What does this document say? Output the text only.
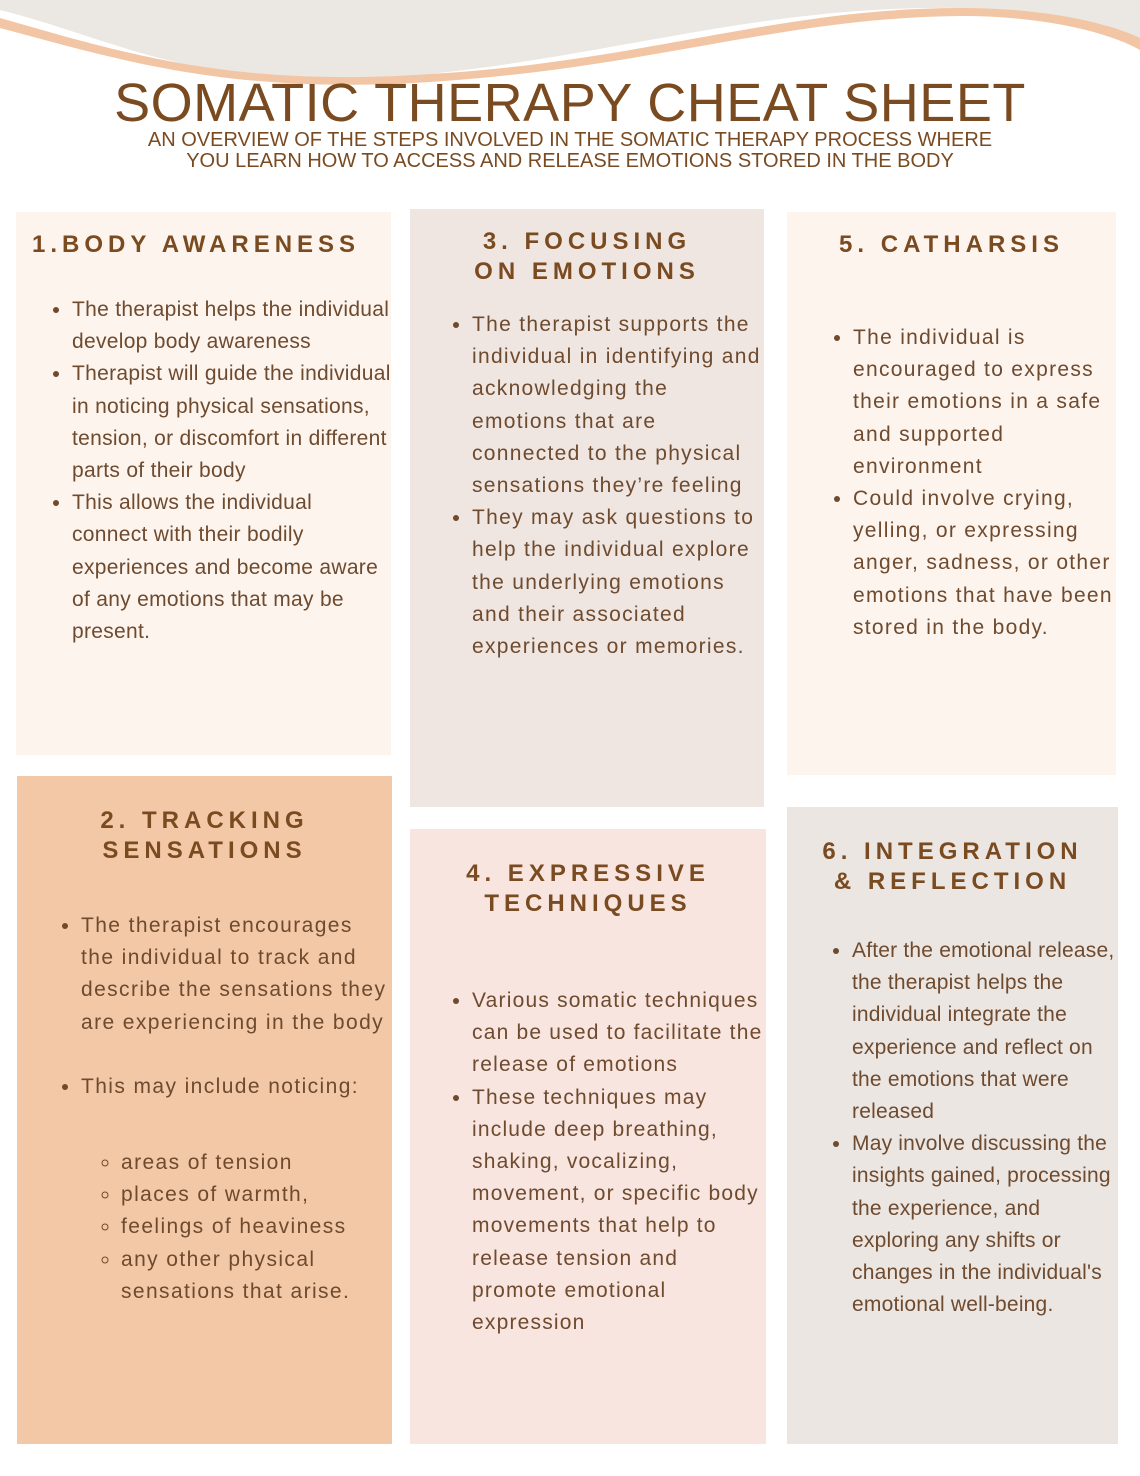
SOMATIC THERAPY CHEAT SHEET
AN OVERVIEW OF THE STEPS INVOLVED IN THE SOMATIC THERAPY PROCESS WHERE
YOU LEARN HOW TO ACCESS AND RELEASE EMOTIONS STORED IN THE BODY
1.BODY AWARENESS
• The therapist helps the individual develop body awareness
• Therapist will guide the individual in noticing physical sensations, tension, or discomfort in different parts of their body
• This allows the individual connect with their bodily experiences and become aware of any emotions that may be present.
3. FOCUSING
ON EMOTIONS
• The therapist supports the individual in identifying and acknowledging the emotions that are connected to the physical sensations they’re feeling
• They may ask questions to help the individual explore the underlying emotions and their associated experiences or memories.
5. CATHARSIS
• The individual is encouraged to express their emotions in a safe and supported environment
• Could involve crying, yelling, or expressing anger, sadness, or other emotions that have been stored in the body.
2. TRACKING
SENSATIONS
• The therapist encourages the individual to track and describe the sensations they are experiencing in the body
• This may include noticing:
◦ areas of tension
◦ places of warmth,
◦ feelings of heaviness
◦ any other physical sensations that arise.
4. EXPRESSIVE
TECHNIQUES
• Various somatic techniques can be used to facilitate the release of emotions
• These techniques may include deep breathing, shaking, vocalizing, movement, or specific body movements that help to release tension and promote emotional expression
6. INTEGRATION
& REFLECTION
• After the emotional release, the therapist helps the individual integrate the experience and reflect on the emotions that were released
• May involve discussing the insights gained, processing the experience, and exploring any shifts or changes in the individual's emotional well-being.
